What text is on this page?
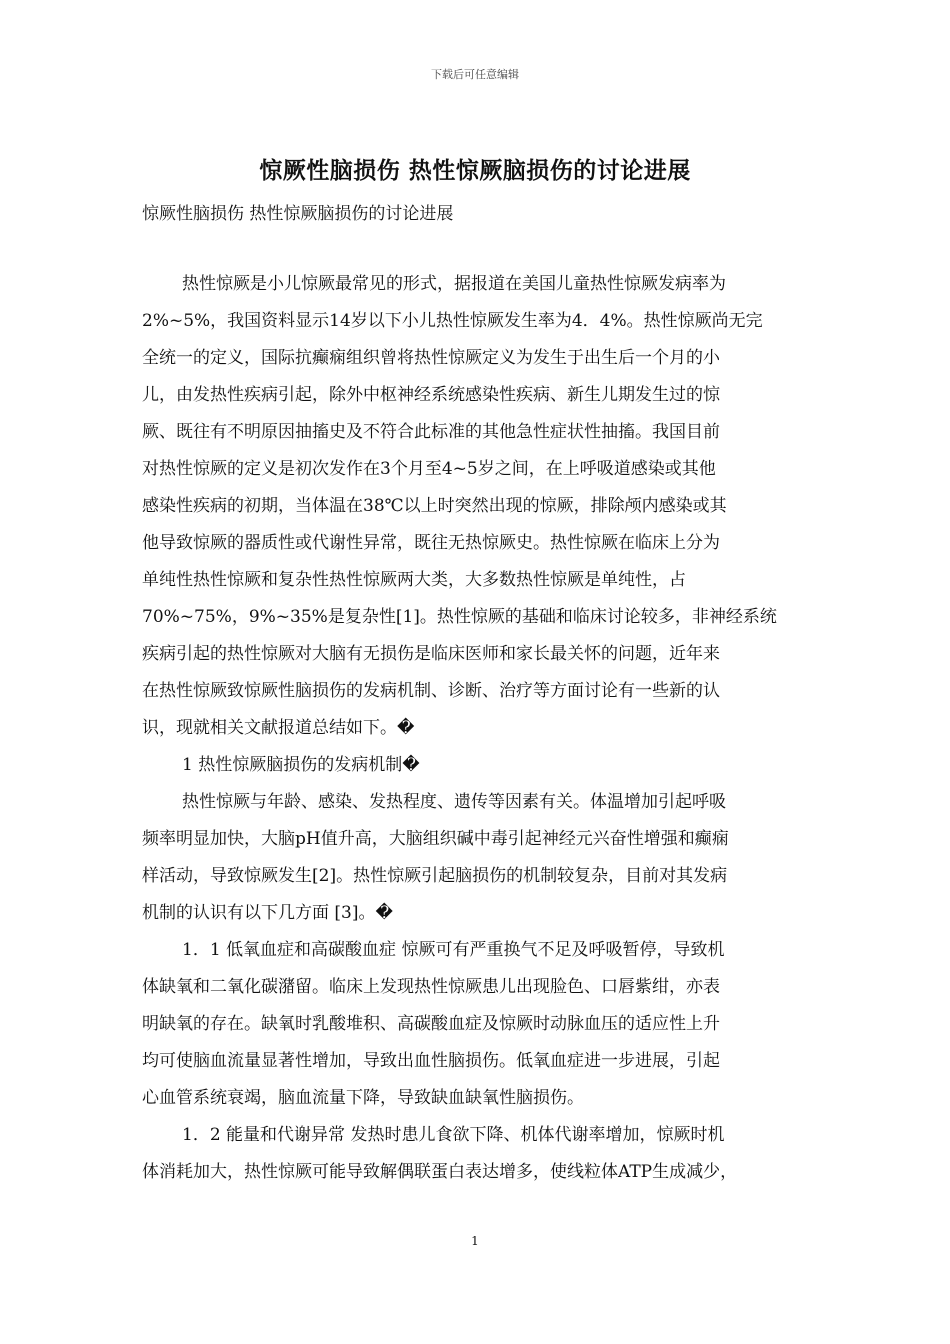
下载后可任意编辑
惊厥性脑损伤 热性惊厥脑损伤的讨论进展
惊厥性脑损伤 热性惊厥脑损伤的讨论进展
热性惊厥是小儿惊厥最常见的形式，据报道在美国儿童热性惊厥发病率为
2%~5%，我国资料显示14岁以下小儿热性惊厥发生率为4．4%。热性惊厥尚无完
全统一的定义，国际抗癫痫组织曾将热性惊厥定义为发生于出生后一个月的小
儿，由发热性疾病引起，除外中枢神经系统感染性疾病、新生儿期发生过的惊
厥、既往有不明原因抽搐史及不符合此标准的其他急性症状性抽搐。我国目前
对热性惊厥的定义是初次发作在3个月至4~5岁之间，在上呼吸道感染或其他
感染性疾病的初期，当体温在38℃以上时突然出现的惊厥，排除颅内感染或其
他导致惊厥的器质性或代谢性异常，既往无热惊厥史。热性惊厥在临床上分为
单纯性热性惊厥和复杂性热性惊厥两大类，大多数热性惊厥是单纯性，占
70%~75%，9%~35%是复杂性[1]。热性惊厥的基础和临床讨论较多，非神经系统
疾病引起的热性惊厥对大脑有无损伤是临床医师和家长最关怀的问题，近年来
在热性惊厥致惊厥性脑损伤的发病机制、诊断、治疗等方面讨论有一些新的认
识，现就相关文献报道总结如下。�
1 热性惊厥脑损伤的发病机制�
热性惊厥与年龄、感染、发热程度、遗传等因素有关。体温增加引起呼吸
频率明显加快，大脑pH值升高，大脑组织碱中毒引起神经元兴奋性增强和癫痫
样活动，导致惊厥发生[2]。热性惊厥引起脑损伤的机制较复杂，目前对其发病
机制的认识有以下几方面 [3]。�
1．1 低氧血症和高碳酸血症 惊厥可有严重换气不足及呼吸暂停，导致机
体缺氧和二氧化碳潴留。临床上发现热性惊厥患儿出现脸色、口唇紫绀，亦表
明缺氧的存在。缺氧时乳酸堆积、高碳酸血症及惊厥时动脉血压的适应性上升
均可使脑血流量显著性增加，导致出血性脑损伤。低氧血症进一步进展，引起
心血管系统衰竭，脑血流量下降，导致缺血缺氧性脑损伤。
1．2 能量和代谢异常 发热时患儿食欲下降、机体代谢率增加，惊厥时机
体消耗加大，热性惊厥可能导致解偶联蛋白表达增多，使线粒体ATP生成减少，
1
